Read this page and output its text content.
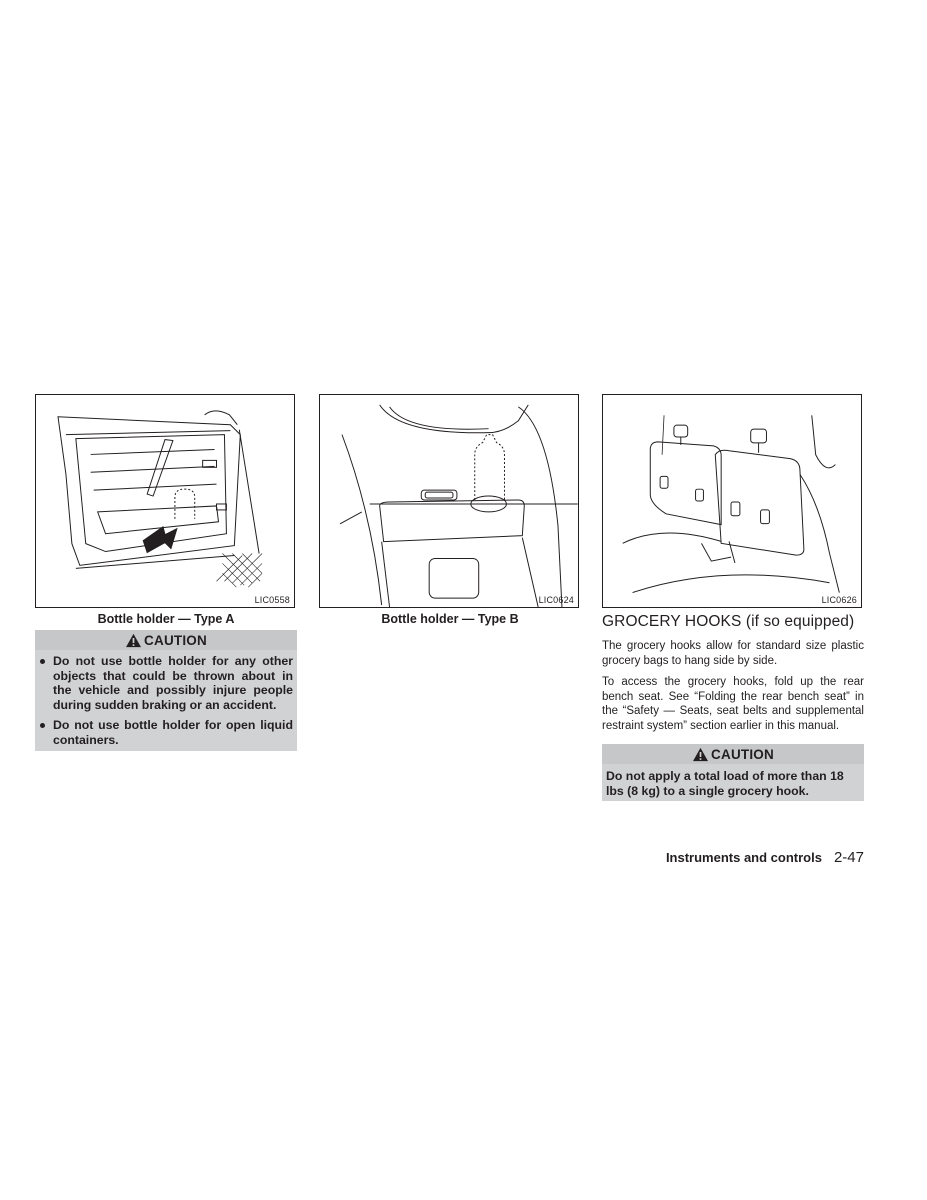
LIC0558	LIC0624	LIC0626
Bottle holder — Type A	Bottle holder — Type B
CAUTION
Do not use bottle holder for any other objects that could be thrown about in the vehicle and possibly injure people during sudden braking or an accident.
Do not use bottle holder for open liquid containers.
GROCERY HOOKS (if so equipped)

The grocery hooks allow for standard size plastic grocery bags to hang side by side.

To access the grocery hooks, fold up the rear bench seat. See “Folding the rear bench seat” in the “Safety — Seats, seat belts and supplemental restraint system” section earlier in this manual.

CAUTION
Do not apply a total load of more than 18 lbs (8 kg) to a single grocery hook.
Instruments and controls 2-47
